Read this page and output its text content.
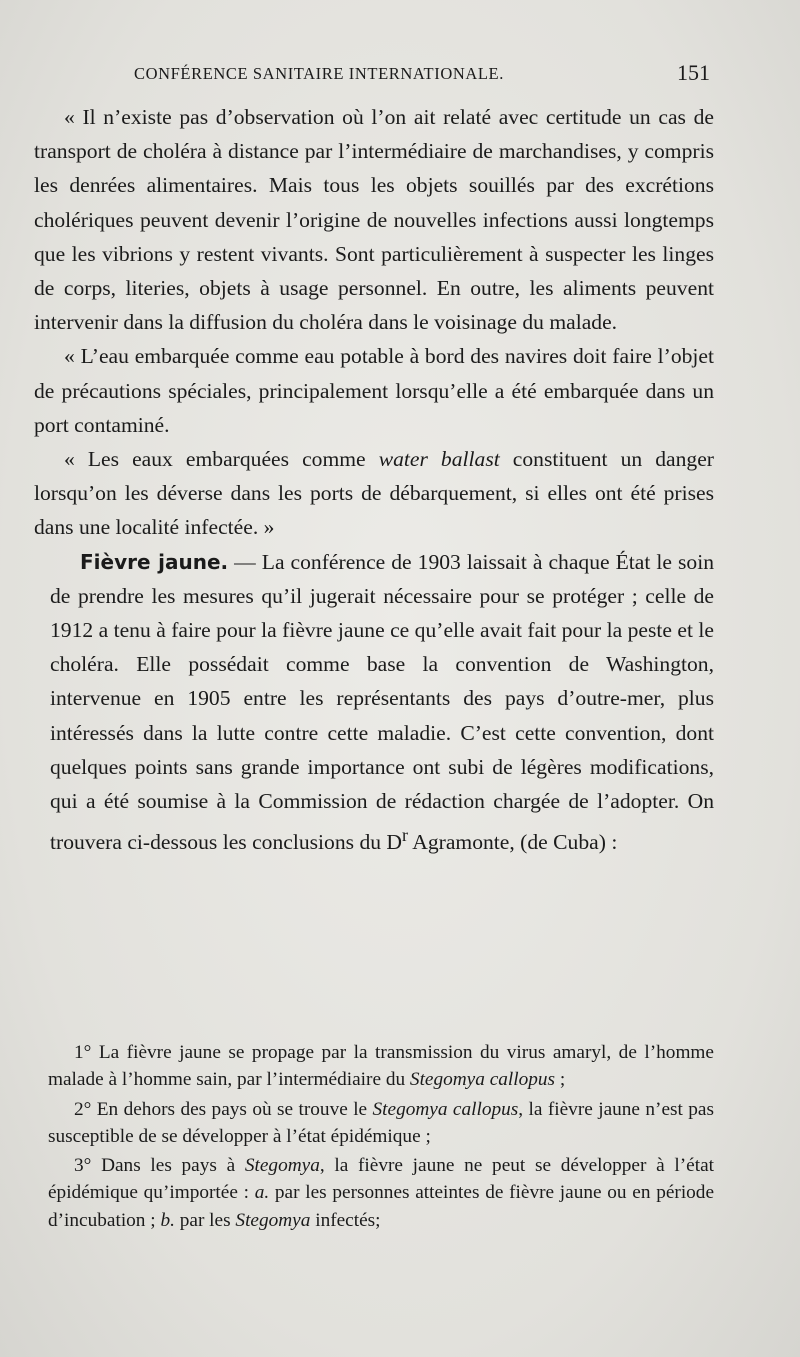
CONFÉRENCE SANITAIRE INTERNATIONALE.	151

« Il n’existe pas d’observation où l’on ait relaté avec certitude un cas de transport de choléra à distance par l’intermédiaire de marchandises, y compris les denrées alimentaires. Mais tous les objets souillés par des excrétions cholériques peuvent devenir l’origine de nouvelles infections aussi longtemps que les vibrions y restent vivants. Sont particulièrement à suspecter les linges de corps, literies, objets à usage personnel. En outre, les aliments peuvent intervenir dans la diffusion du choléra dans le voisinage du malade.

« L’eau embarquée comme eau potable à bord des navires doit faire l’objet de précautions spéciales, principalement lorsqu’elle a été embarquée dans un port contaminé.

« Les eaux embarquées comme water ballast constituent un danger lorsqu’on les déverse dans les ports de débarquement, si elles ont été prises dans une localité infectée. »

Fièvre jaune. — La conférence de 1903 laissait à chaque État le soin de prendre les mesures qu’il jugerait nécessaire pour se protéger ; celle de 1912 a tenu à faire pour la fièvre jaune ce qu’elle avait fait pour la peste et le choléra. Elle possédait comme base la convention de Washington, intervenue en 1905 entre les représentants des pays d’outre-mer, plus intéressés dans la lutte contre cette maladie. C’est cette convention, dont quelques points sans grande importance ont subi de légères modifications, qui a été soumise à la Commission de rédaction chargée de l’adopter. On trouvera ci-dessous les conclusions du $D^r$ Agramonte, (de Cuba) :

1° La fièvre jaune se propage par la transmission du virus amaryl, de l’homme malade à l’homme sain, par l’intermédiaire du Stegomya callopus ;

2° En dehors des pays où se trouve le Stegomya callopus, la fièvre jaune n’est pas susceptible de se développer à l’état épidémique ;

3° Dans les pays à Stegomya, la fièvre jaune ne peut se développer à l’état épidémique qu’importée : a. par les personnes atteintes de fièvre jaune ou en période d’incubation ; b. par les Stegomya infectés;
